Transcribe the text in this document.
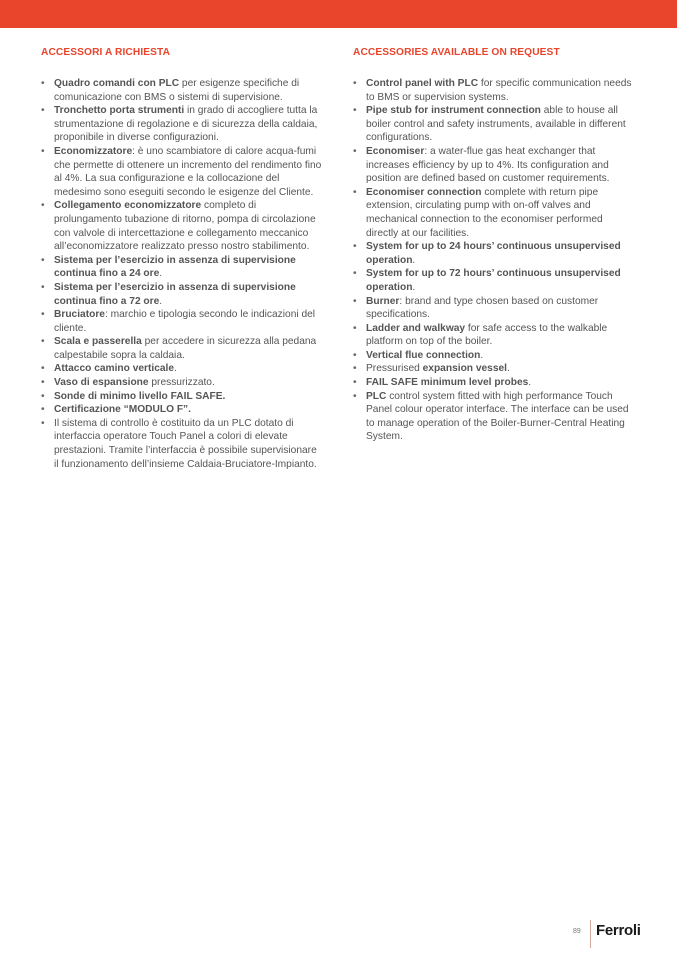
ACCESSORI A RICHIESTA
• Quadro comandi con PLC per esigenze specifiche di comunicazione con BMS o sistemi di supervisione.
• Tronchetto porta strumenti in grado di accogliere tutta la strumentazione di regolazione e di sicurezza della caldaia, proponibile in diverse configurazioni.
• Economizzatore: è uno scambiatore di calore acqua-fumi che permette di ottenere un incremento del rendimento fino al 4%. La sua configurazione e la collocazione del medesimo sono eseguiti secondo le esigenze del Cliente.
• Collegamento economizzatore completo di prolungamento tubazione di ritorno, pompa di circolazione con valvole di intercettazione e collegamento meccanico all’economizzatore realizzato presso nostro stabilimento.
• Sistema per l’esercizio in assenza di supervisione continua fino a 24 ore.
• Sistema per l’esercizio in assenza di supervisione continua fino a 72 ore.
• Bruciatore: marchio e tipologia secondo le indicazioni del cliente.
• Scala e passerella per accedere in sicurezza alla pedana calpestabile sopra la caldaia.
• Attacco camino verticale.
• Vaso di espansione pressurizzato.
• Sonde di minimo livello FAIL SAFE.
• Certificazione “MODULO F”.
• Il sistema di controllo è costituito da un PLC dotato di interfaccia operatore Touch Panel a colori di elevate prestazioni. Tramite l’interfaccia è possibile supervisionare il funzionamento dell’insieme Caldaia-Bruciatore-Impianto.
ACCESSORIES AVAILABLE ON REQUEST
• Control panel with PLC for specific communication needs to BMS or supervision systems.
• Pipe stub for instrument connection able to house all boiler control and safety instruments, available in different configurations.
• Economiser: a water-flue gas heat exchanger that increases efficiency by up to 4%. Its configuration and position are defined based on customer requirements.
• Economiser connection complete with return pipe extension, circulating pump with on-off valves and mechanical connection to the economiser performed directly at our facilities.
• System for up to 24 hours’ continuous unsupervised operation.
• System for up to 72 hours’ continuous unsupervised operation.
• Burner: brand and type chosen based on customer specifications.
• Ladder and walkway for safe access to the walkable platform on top of the boiler.
• Vertical flue connection.
• Pressurised expansion vessel.
• FAIL SAFE minimum level probes.
• PLC control system fitted with high performance Touch Panel colour operator interface. The interface can be used to manage operation of the Boiler-Burner-Central Heating System.
89 Ferroli
